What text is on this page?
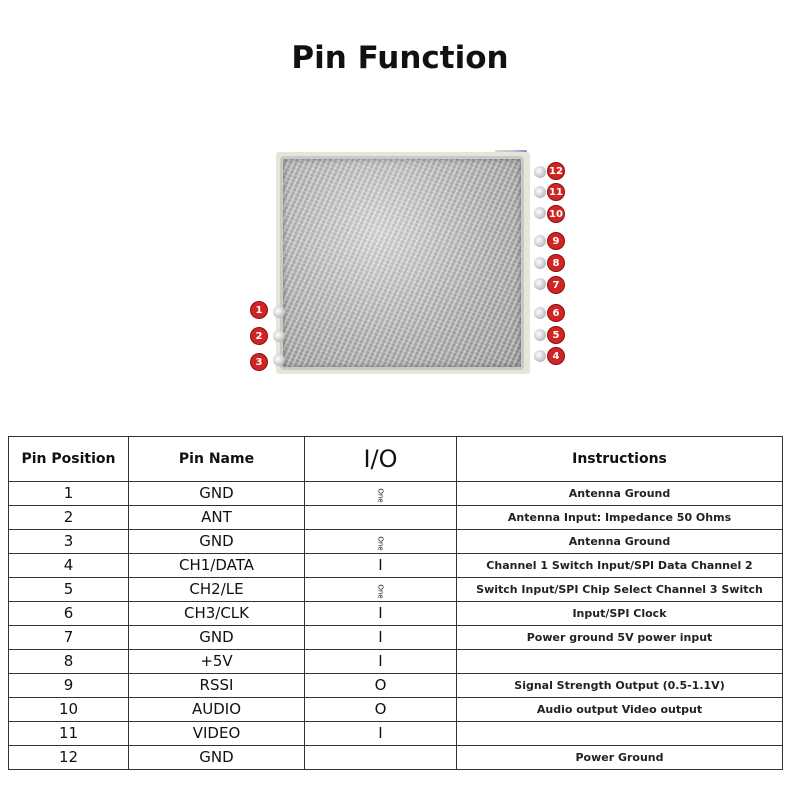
Pin Function
12
11
10
9
8
7
6
5
4
1
2
3
Pin Position	Pin Name	I/O	Instructions
1	GND	One	Antenna Ground
2	ANT		Antenna Input: Impedance 50 Ohms
3	GND	One	Antenna Ground
4	CH1/DATA	I	Channel 1 Switch Input/SPI Data Channel 2
5	CH2/LE	One	Switch Input/SPI Chip Select Channel 3 Switch
6	CH3/CLK	I	Input/SPI Clock
7	GND	I	Power ground 5V power input
8	+5V	I	
9	RSSI	O	Signal Strength Output (0.5-1.1V)
10	AUDIO	O	Audio output Video output
11	VIDEO	I	
12	GND		Power Ground
